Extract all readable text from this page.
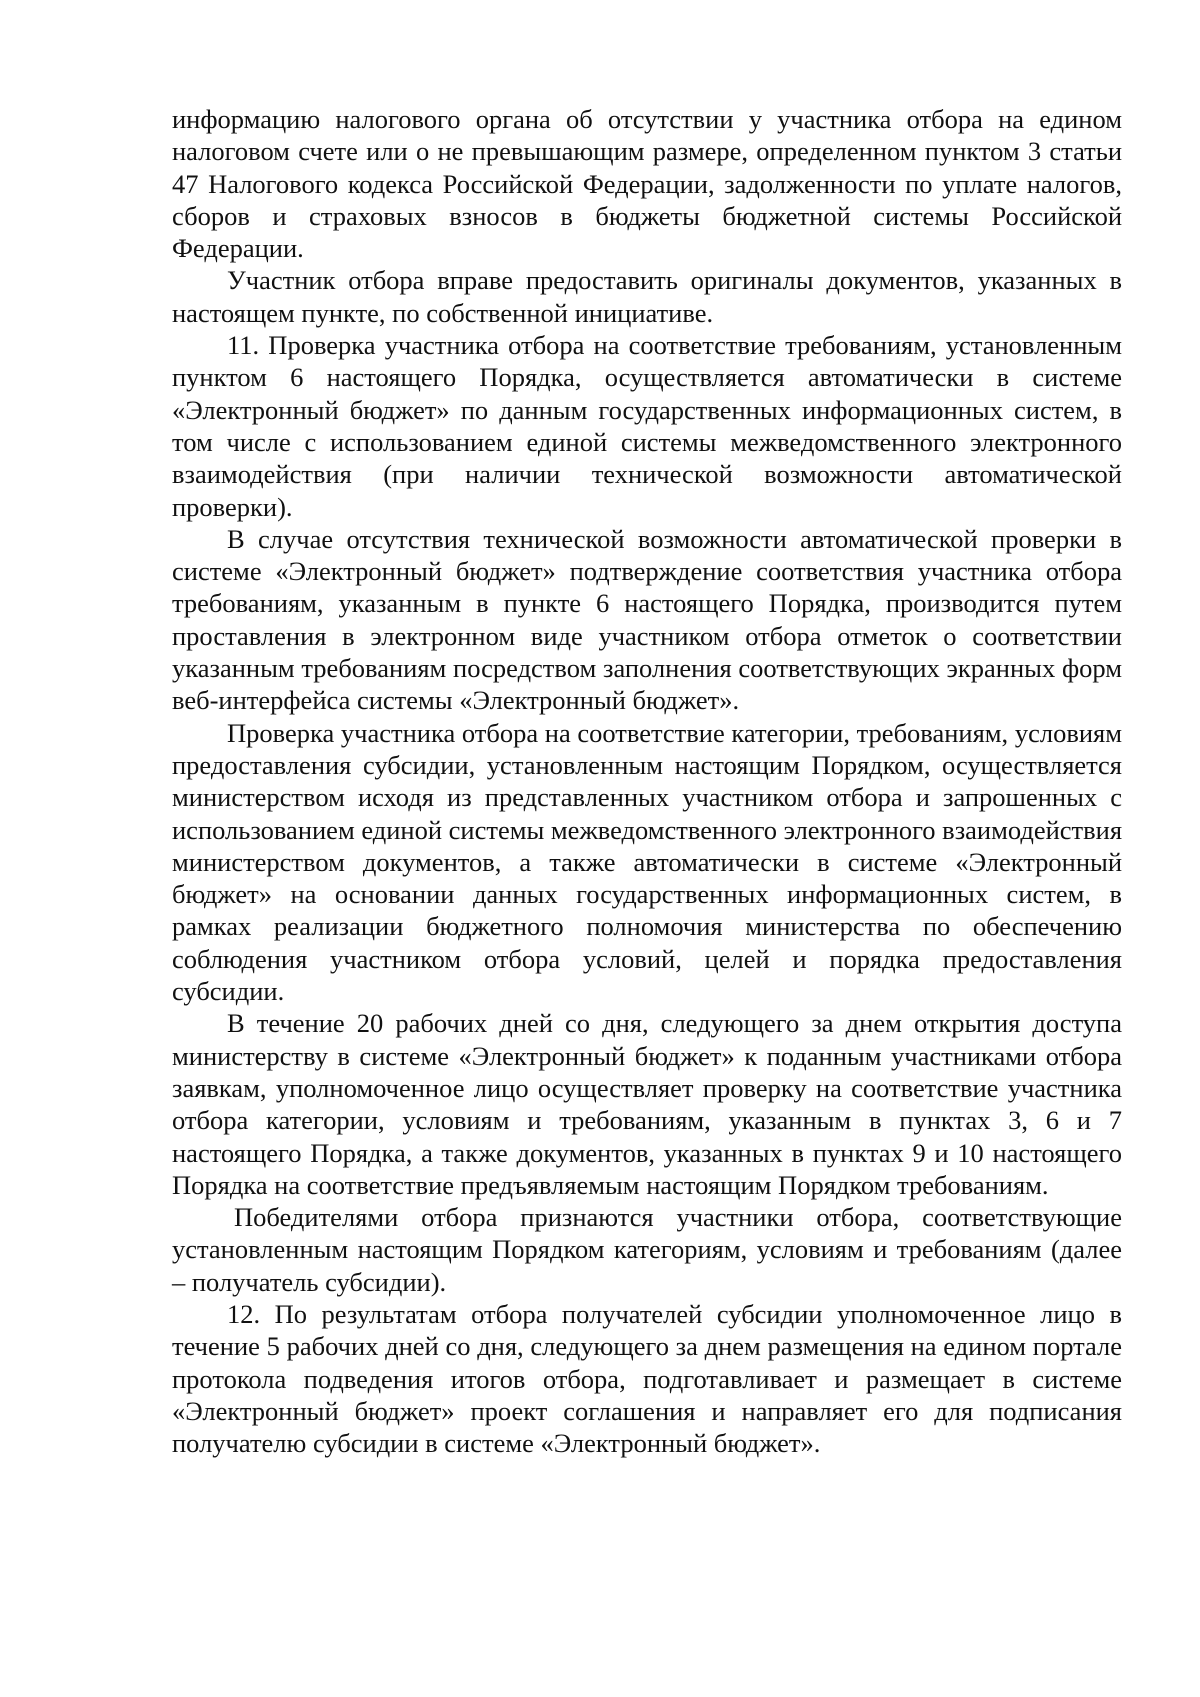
информацию налогового органа об отсутствии у участника отбора на едином налоговом счете или о не превышающим размере, определенном пунктом 3 статьи 47 Налогового кодекса Российской Федерации, задолженности по уплате налогов, сборов и страховых взносов в бюджеты бюджетной системы Российской Федерации.

Участник отбора вправе предоставить оригиналы документов, указанных в настоящем пункте, по собственной инициативе.

11. Проверка участника отбора на соответствие требованиям, установленным пунктом 6 настоящего Порядка, осуществляется автоматически в системе «Электронный бюджет» по данным государственных информационных систем, в том числе с использованием единой системы межведомственного электронного взаимодействия (при наличии технической возможности автоматической проверки).

В случае отсутствия технической возможности автоматической проверки в системе «Электронный бюджет» подтверждение соответствия участника отбора требованиям, указанным в пункте 6 настоящего Порядка, производится путем проставления в электронном виде участником отбора отметок о соответствии указанным требованиям посредством заполнения соответствующих экранных форм веб-интерфейса системы «Электронный бюджет».

Проверка участника отбора на соответствие категории, требованиям, условиям предоставления субсидии, установленным настоящим Порядком, осуществляется министерством исходя из представленных участником отбора и запрошенных с использованием единой системы межведомственного электронного взаимодействия министерством документов, а также автоматически в системе «Электронный бюджет» на основании данных государственных информационных систем, в рамках реализации бюджетного полномочия министерства по обеспечению соблюдения участником отбора условий, целей и порядка предоставления субсидии.

В течение 20 рабочих дней со дня, следующего за днем открытия доступа министерству в системе «Электронный бюджет» к поданным участниками отбора заявкам, уполномоченное лицо осуществляет проверку на соответствие участника отбора категории, условиям и требованиям, указанным в пунктах 3, 6 и 7 настоящего Порядка, а также документов, указанных в пунктах 9 и 10 настоящего Порядка на соответствие предъявляемым настоящим Порядком требованиям.

Победителями отбора признаются участники отбора, соответствующие установленным настоящим Порядком категориям, условиям и требованиям (далее – получатель субсидии).

12. По результатам отбора получателей субсидии уполномоченное лицо в течение 5 рабочих дней со дня, следующего за днем размещения на едином портале протокола подведения итогов отбора, подготавливает и размещает в системе «Электронный бюджет» проект соглашения и направляет его для подписания получателю субсидии в системе «Электронный бюджет».
